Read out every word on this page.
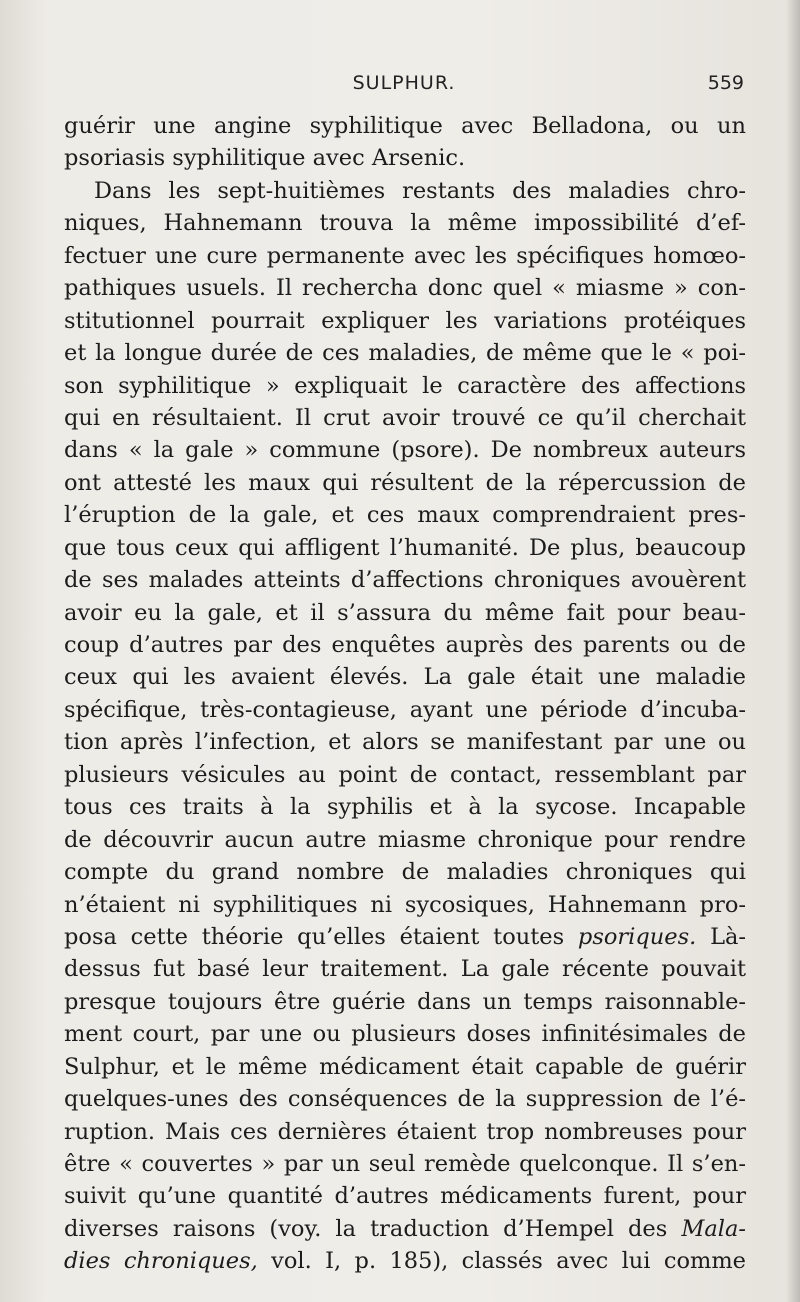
SULPHUR.	559
guérir une angine syphilitique avec Belladona, ou un
psoriasis syphilitique avec Arsenic.
Dans les sept-huitièmes restants des maladies chro-
niques, Hahnemann trouva la même impossibilité d’ef-
fectuer une cure permanente avec les spécifiques homœo-
pathiques usuels. Il rechercha donc quel « miasme » con-
stitutionnel pourrait expliquer les variations protéiques
et la longue durée de ces maladies, de même que le « poi-
son syphilitique » expliquait le caractère des affections
qui en résultaient. Il crut avoir trouvé ce qu’il cherchait
dans « la gale » commune (psore). De nombreux auteurs
ont attesté les maux qui résultent de la répercussion de
l’éruption de la gale, et ces maux comprendraient pres-
que tous ceux qui affligent l’humanité. De plus, beaucoup
de ses malades atteints d’affections chroniques avouèrent
avoir eu la gale, et il s’assura du même fait pour beau-
coup d’autres par des enquêtes auprès des parents ou de
ceux qui les avaient élevés. La gale était une maladie
spécifique, très-contagieuse, ayant une période d’incuba-
tion après l’infection, et alors se manifestant par une ou
plusieurs vésicules au point de contact, ressemblant par
tous ces traits à la syphilis et à la sycose. Incapable
de découvrir aucun autre miasme chronique pour rendre
compte du grand nombre de maladies chroniques qui
n’étaient ni syphilitiques ni sycosiques, Hahnemann pro-
posa cette théorie qu’elles étaient toutes psoriques. Là-
dessus fut basé leur traitement. La gale récente pouvait
presque toujours être guérie dans un temps raisonnable-
ment court, par une ou plusieurs doses infinitésimales de
Sulphur, et le même médicament était capable de guérir
quelques-unes des conséquences de la suppression de l’é-
ruption. Mais ces dernières étaient trop nombreuses pour
être « couvertes » par un seul remède quelconque. Il s’en-
suivit qu’une quantité d’autres médicaments furent, pour
diverses raisons (voy. la traduction d’Hempel des Mala-
dies chroniques, vol. I, p. 185), classés avec lui comme
